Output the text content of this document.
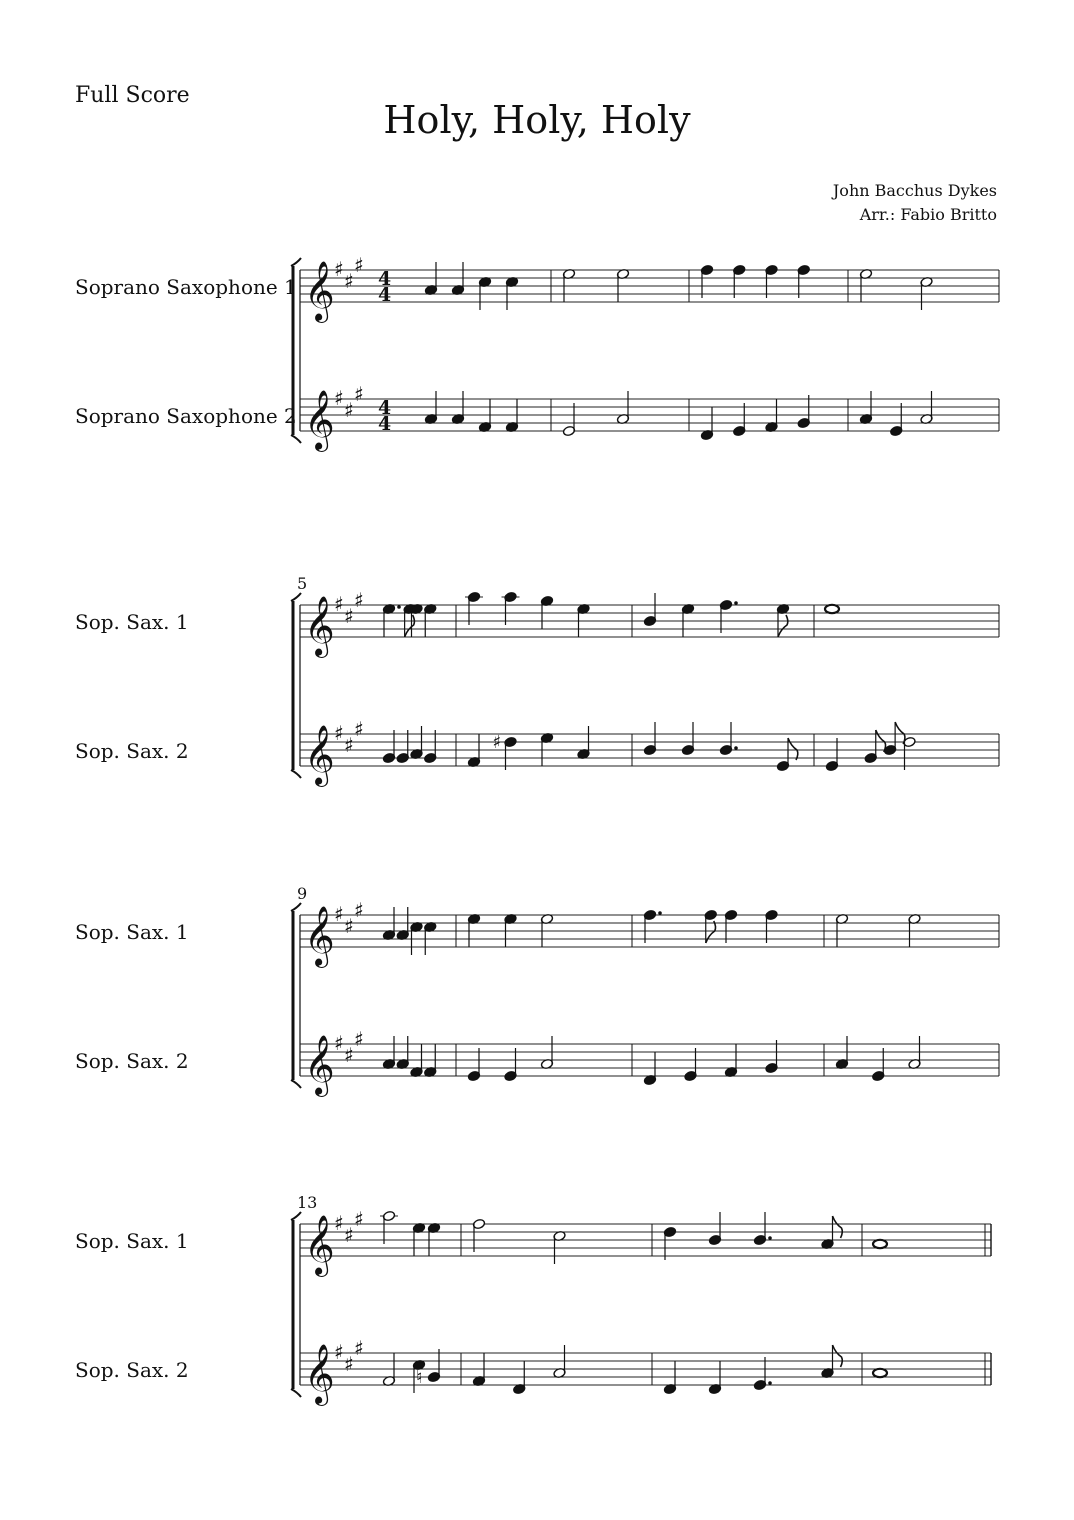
Full Score
Holy, Holy, Holy
John Bacchus Dykes
Arr.: Fabio Britto
Soprano Saxophone 1 𝄞 ♯ ♯
♯
4
4
Soprano Saxophone 2 𝄞 ♯ ♯
♯
4
4
5
Sop. Sax. 1 𝄞 ♯ ♯
♯
Sop. Sax. 2 𝄞 ♯ ♯
♯
♯
9
Sop. Sax. 1 𝄞 ♯ ♯
♯
Sop. Sax. 2 𝄞 ♯ ♯
♯
13
Sop. Sax. 1 𝄞 ♯ ♯
♯
Sop. Sax. 2 𝄞 ♯ ♯
♯
♮
